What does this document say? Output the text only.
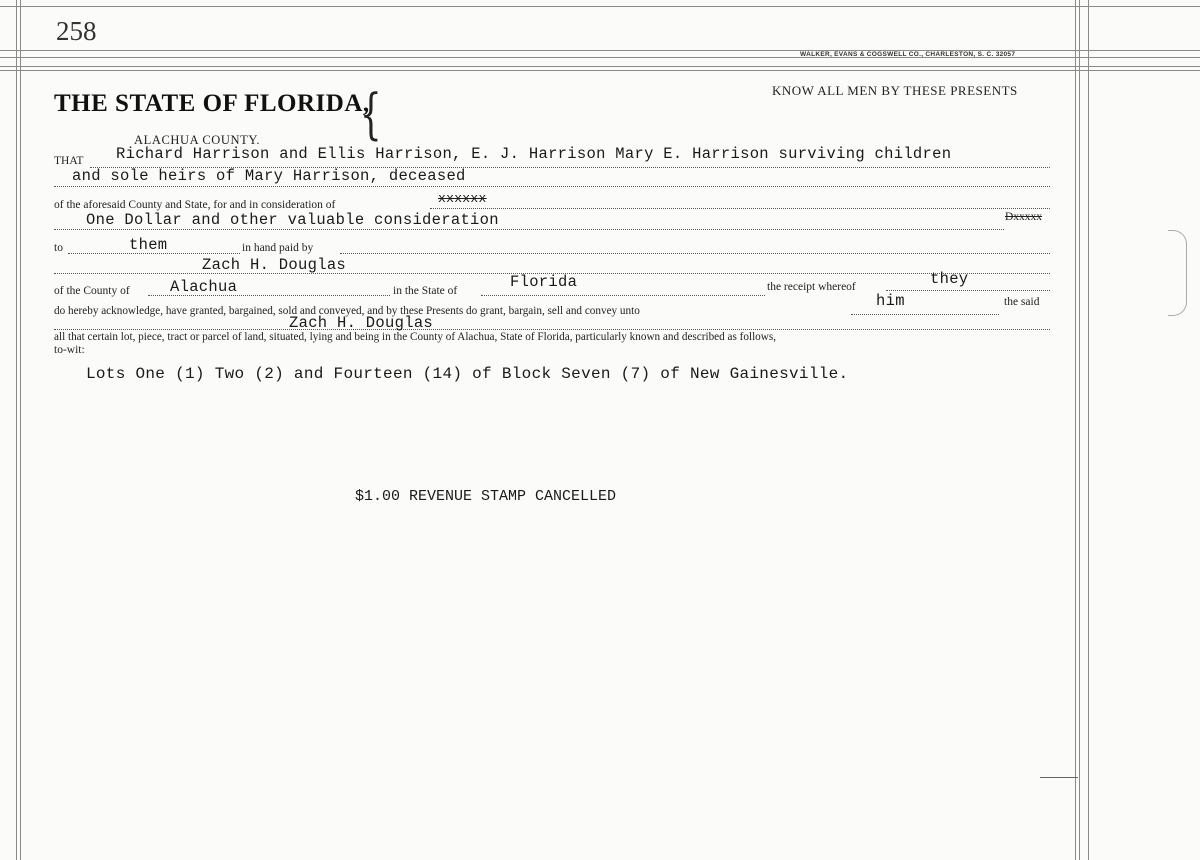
258
WALKER, EVANS & COGSWELL CO., CHARLESTON, S. C. 32057
THE STATE OF FLORIDA,
{	KNOW ALL MEN BY THESE PRESENTS
ALACHUA COUNTY.
THAT Richard Harrison and Ellis Harrison, E. J. Harrison Mary E. Harrison surviving children
and sole heirs of Mary Harrison, deceased
of the aforesaid County and State, for and in consideration of	xxxxxx
One Dollar and other valuable consideration	Dxxxxx
to	them	in hand paid by
Zach H. Douglas
of the County of	Alachua	in the State of	Florida	the receipt whereof	they
do hereby acknowledge, have granted, bargained, sold and conveyed, and by these Presents do grant, bargain, sell and convey unto
him	the said
Zach H. Douglas
all that certain lot, piece, tract or parcel of land, situated, lying and being in the County of Alachua, State of Florida, particularly known and described as follows,
to-wit:
Lots One (1) Two (2) and Fourteen (14) of Block Seven (7) of New Gainesville.
$1.00 REVENUE STAMP CANCELLED
